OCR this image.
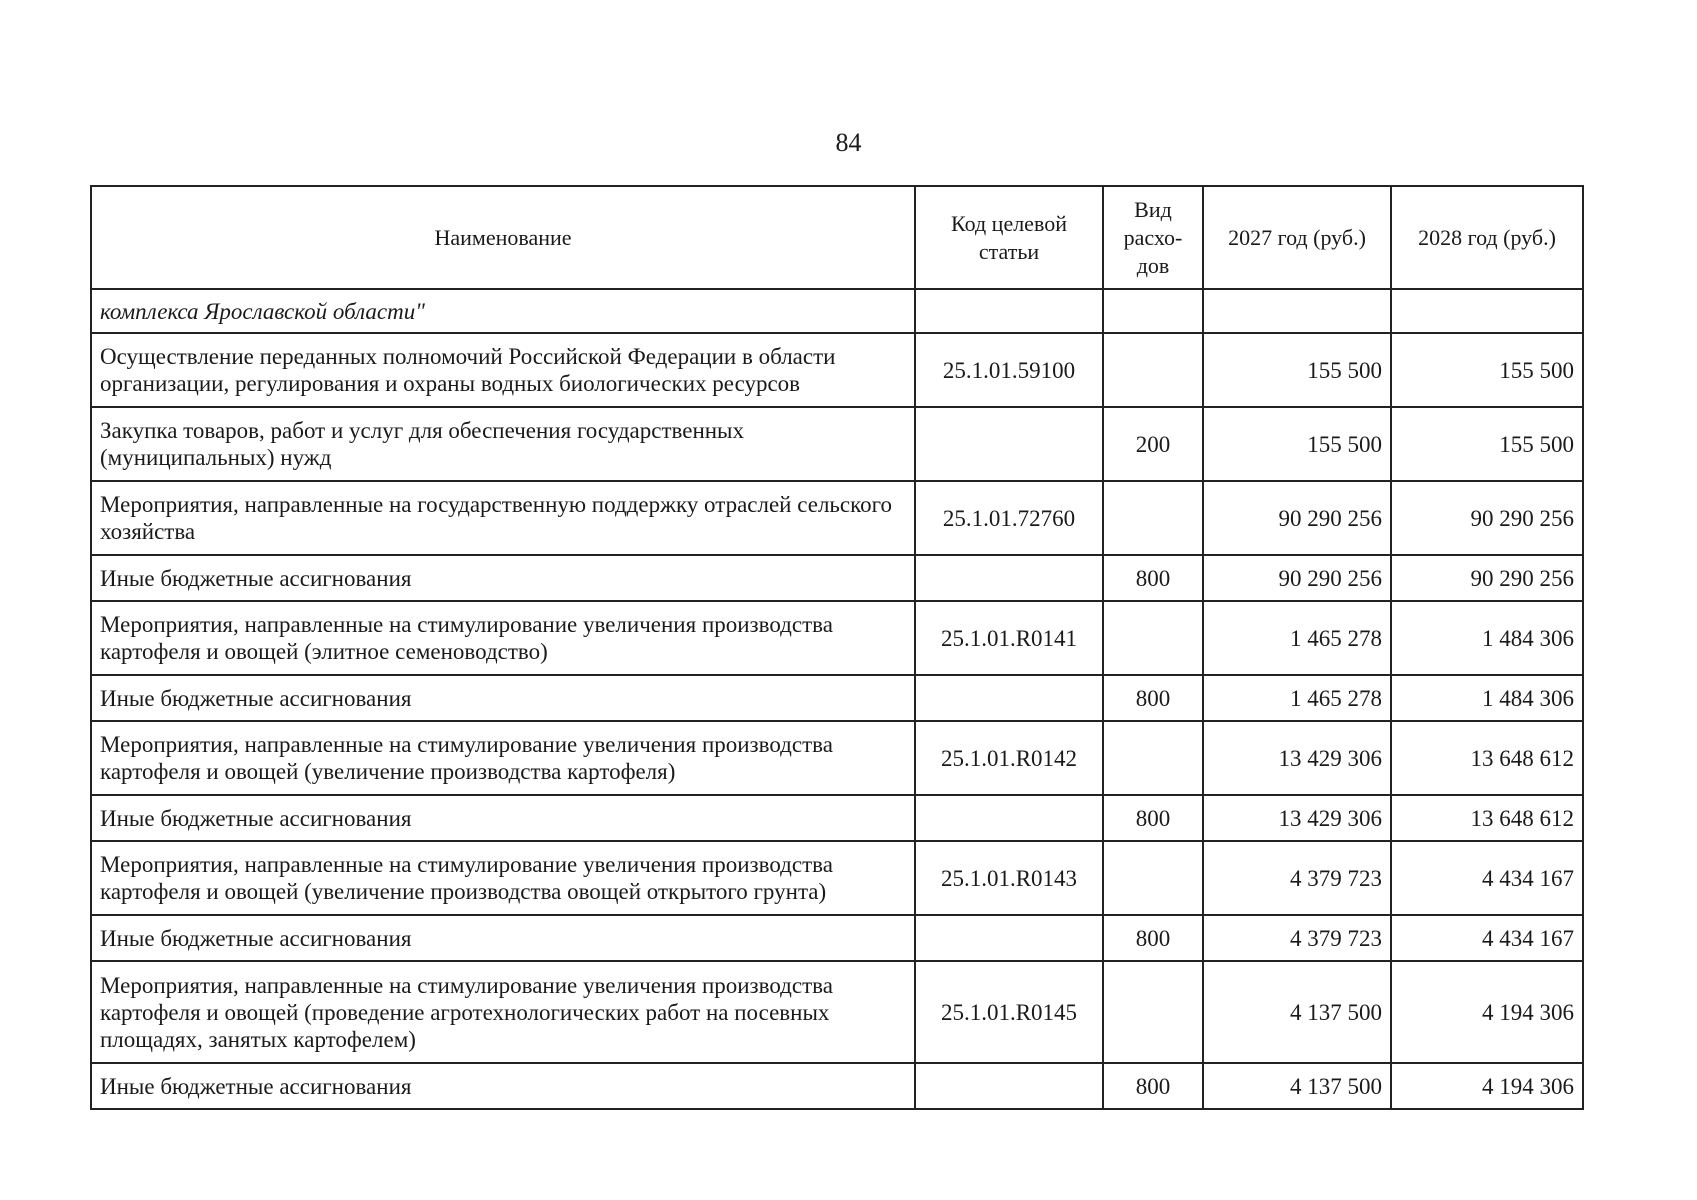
84
Наименование	Код целевой статьи	Вид расхо-дов	2027 год (руб.)	2028 год (руб.)
комплекса Ярославской области"				
Осуществление переданных полномочий Российской Федерации в области организации, регулирования и охраны водных биологических ресурсов	25.1.01.59100		155 500	155 500
Закупка товаров, работ и услуг для обеспечения государственных (муниципальных) нужд		200	155 500	155 500
Мероприятия, направленные на государственную поддержку отраслей сельского хозяйства	25.1.01.72760		90 290 256	90 290 256
Иные бюджетные ассигнования		800	90 290 256	90 290 256
Мероприятия, направленные на стимулирование увеличения производства картофеля и овощей (элитное семеноводство)	25.1.01.R0141		1 465 278	1 484 306
Иные бюджетные ассигнования		800	1 465 278	1 484 306
Мероприятия, направленные на стимулирование увеличения производства картофеля и овощей (увеличение производства картофеля)	25.1.01.R0142		13 429 306	13 648 612
Иные бюджетные ассигнования		800	13 429 306	13 648 612
Мероприятия, направленные на стимулирование увеличения производства картофеля и овощей (увеличение производства овощей открытого грунта)	25.1.01.R0143		4 379 723	4 434 167
Иные бюджетные ассигнования		800	4 379 723	4 434 167
Мероприятия, направленные на стимулирование увеличения производства картофеля и овощей (проведение агротехнологических работ на посевных площадях, занятых картофелем)	25.1.01.R0145		4 137 500	4 194 306
Иные бюджетные ассигнования		800	4 137 500	4 194 306
